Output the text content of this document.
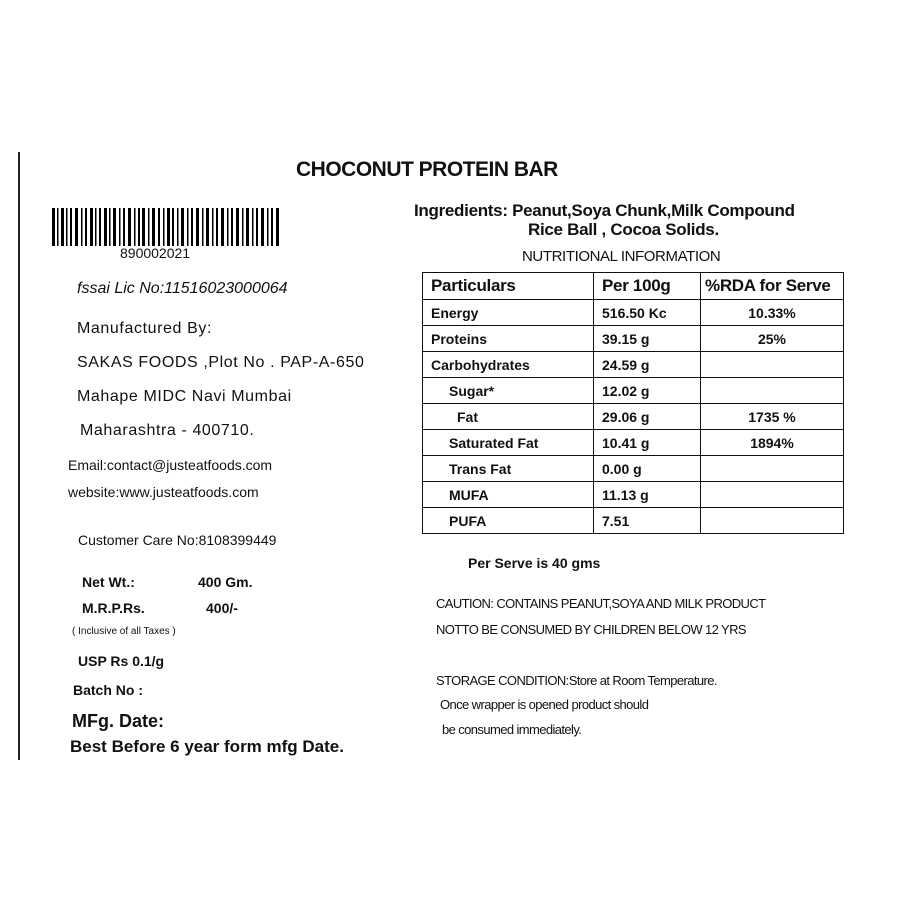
CHOCONUT PROTEIN BAR
890002021
fssai Lic No:11516023000064
Manufactured By:
SAKAS FOODS ,Plot No . PAP-A-650
Mahape MIDC Navi Mumbai
Maharashtra - 400710.
Email:contact@justeatfoods.com
website:www.justeatfoods.com
Customer Care No:8108399449
Net Wt.:	400 Gm.
M.R.P.Rs.	400/-
( Inclusive of all Taxes )
USP Rs 0.1/g
Batch No :
MFg. Date:
Best Before 6 year form mfg Date.
Ingredients: Peanut,Soya Chunk,Milk Compound
Rice Ball , Cocoa Solids.
NUTRITIONAL INFORMATION
Particulars	Per 100g	%RDA for Serve
Energy	516.50 Kc	10.33%
Proteins	39.15 g	25%
Carbohydrates	24.59 g	
Sugar*	12.02 g	
Fat	29.06 g	1735 %
Saturated Fat	10.41 g	1894%
Trans Fat	0.00 g	
MUFA	11.13 g	
PUFA	7.51	
Per Serve is 40 gms
CAUTION: CONTAINS PEANUT,SOYA AND MILK PRODUCT
NOTTO BE CONSUMED BY CHILDREN BELOW 12 YRS
STORAGE CONDITION:Store at Room Temperature.
Once wrapper is opened product should
be consumed immediately.
